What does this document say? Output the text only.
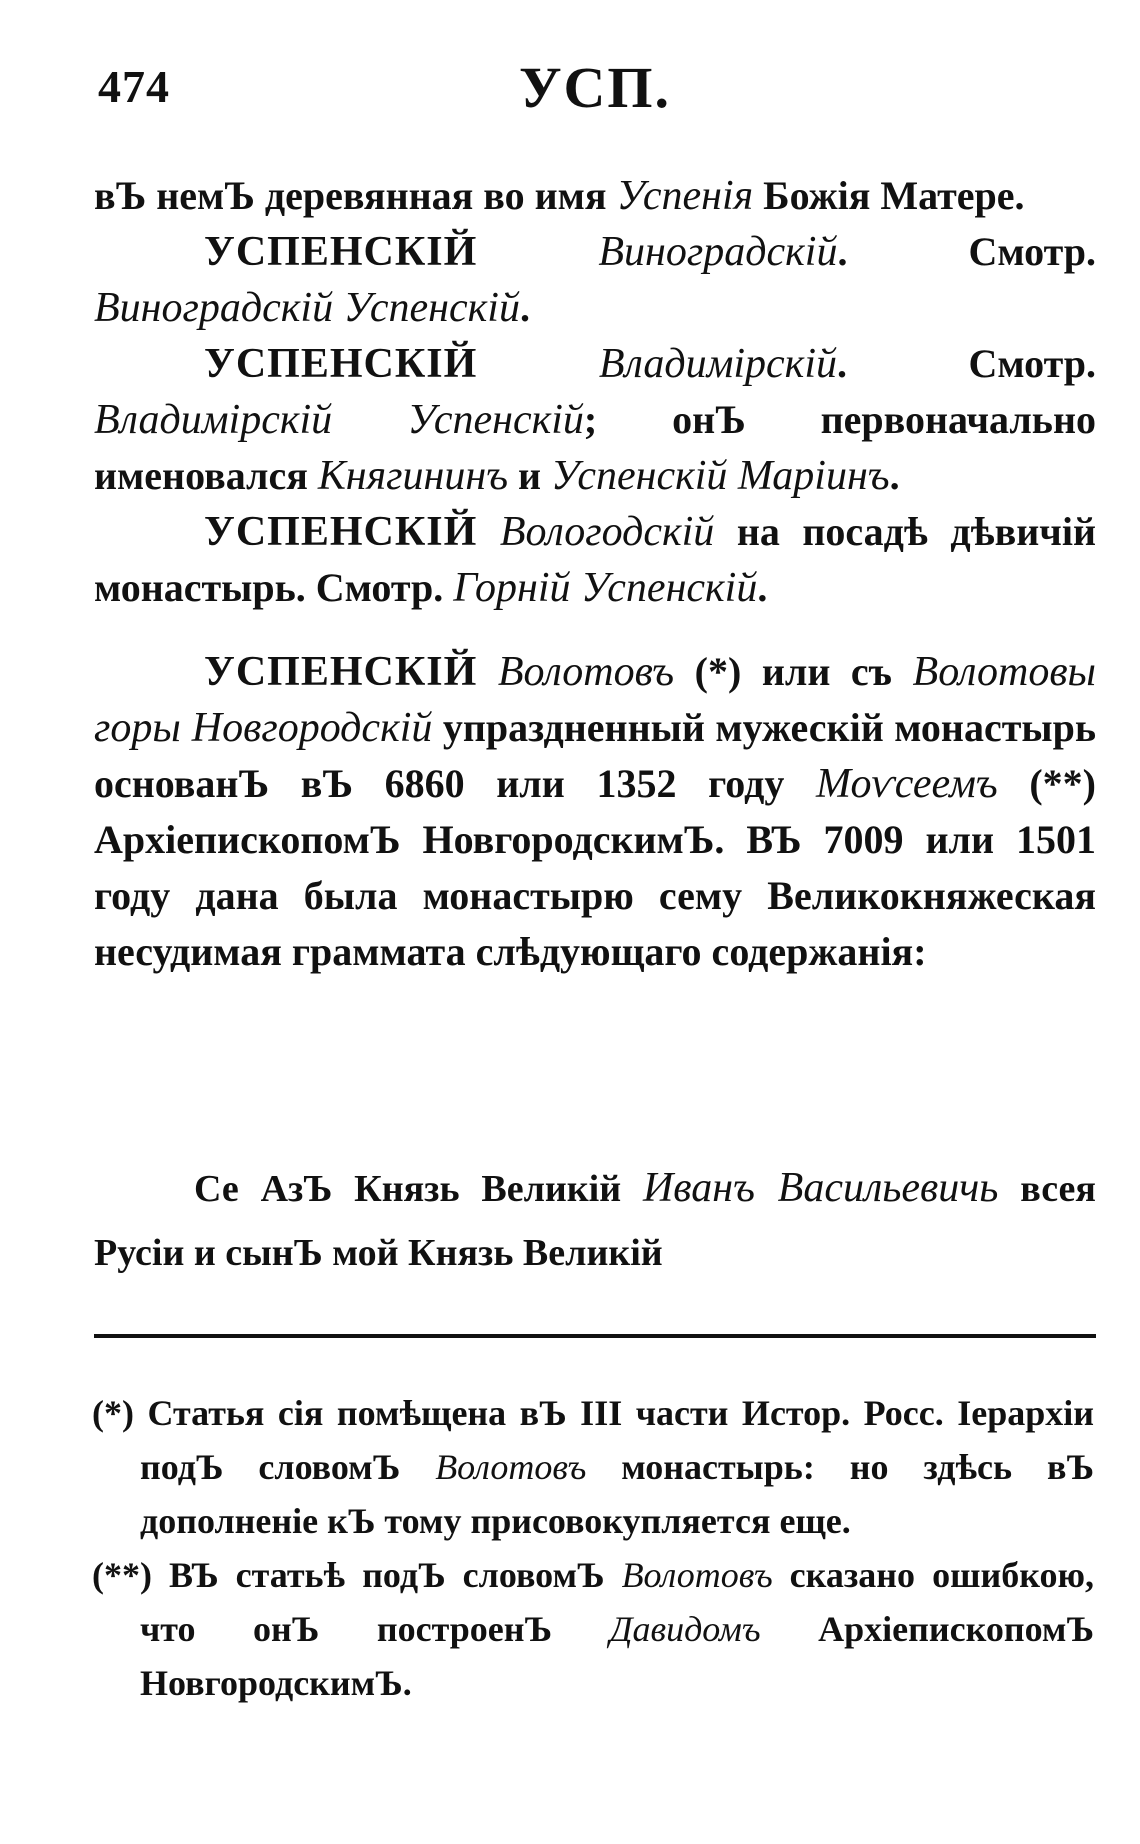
474	УСП.

вЪ немЪ деревянная во имя Успенія Божія Матере.

УСПЕНСКІЙ	Виноградскій. Смотр. Виноградскій Успенскій.

УСПЕНСКІЙ	Владимірскій. Смотр. Владимірскій Успенскій; онЪ первоначально именовался Княгининъ и Успенскій Маріинъ.

УСПЕНСКІЙ Вологодскій на посадѣ дѣвичій монастырь. Смотр. Горній Успенскій.

УСПЕНСКІЙ Волотовъ (*) или съ Волотовы горы Новгородскій упраздненный мужескій монастырь основанЪ вЪ 6860 или 1352 году Моѵсеемъ (**) АрхіепископомЪ НовгородскимЪ. ВЪ 7009 или 1501 году дана была монастырю сему Великокняжеская несудимая граммата слѣдующаго содержанія:

Се АзЪ Князь Великій Иванъ Васильевичь всея Русіи и сынЪ мой Князь Великій

(*) Статья сія помѣщена вЪ III части Истор. Росс. Іерархіи подЪ словомЪ Волотовъ монастырь: но здѣсь вЪ дополненіе кЪ тому присовокупляется еще.

(**) ВЪ статьѣ подЪ словомЪ Волотовъ сказано ошибкою, что онЪ построенЪ Давидомъ АрхіепископомЪ НовгородскимЪ.
